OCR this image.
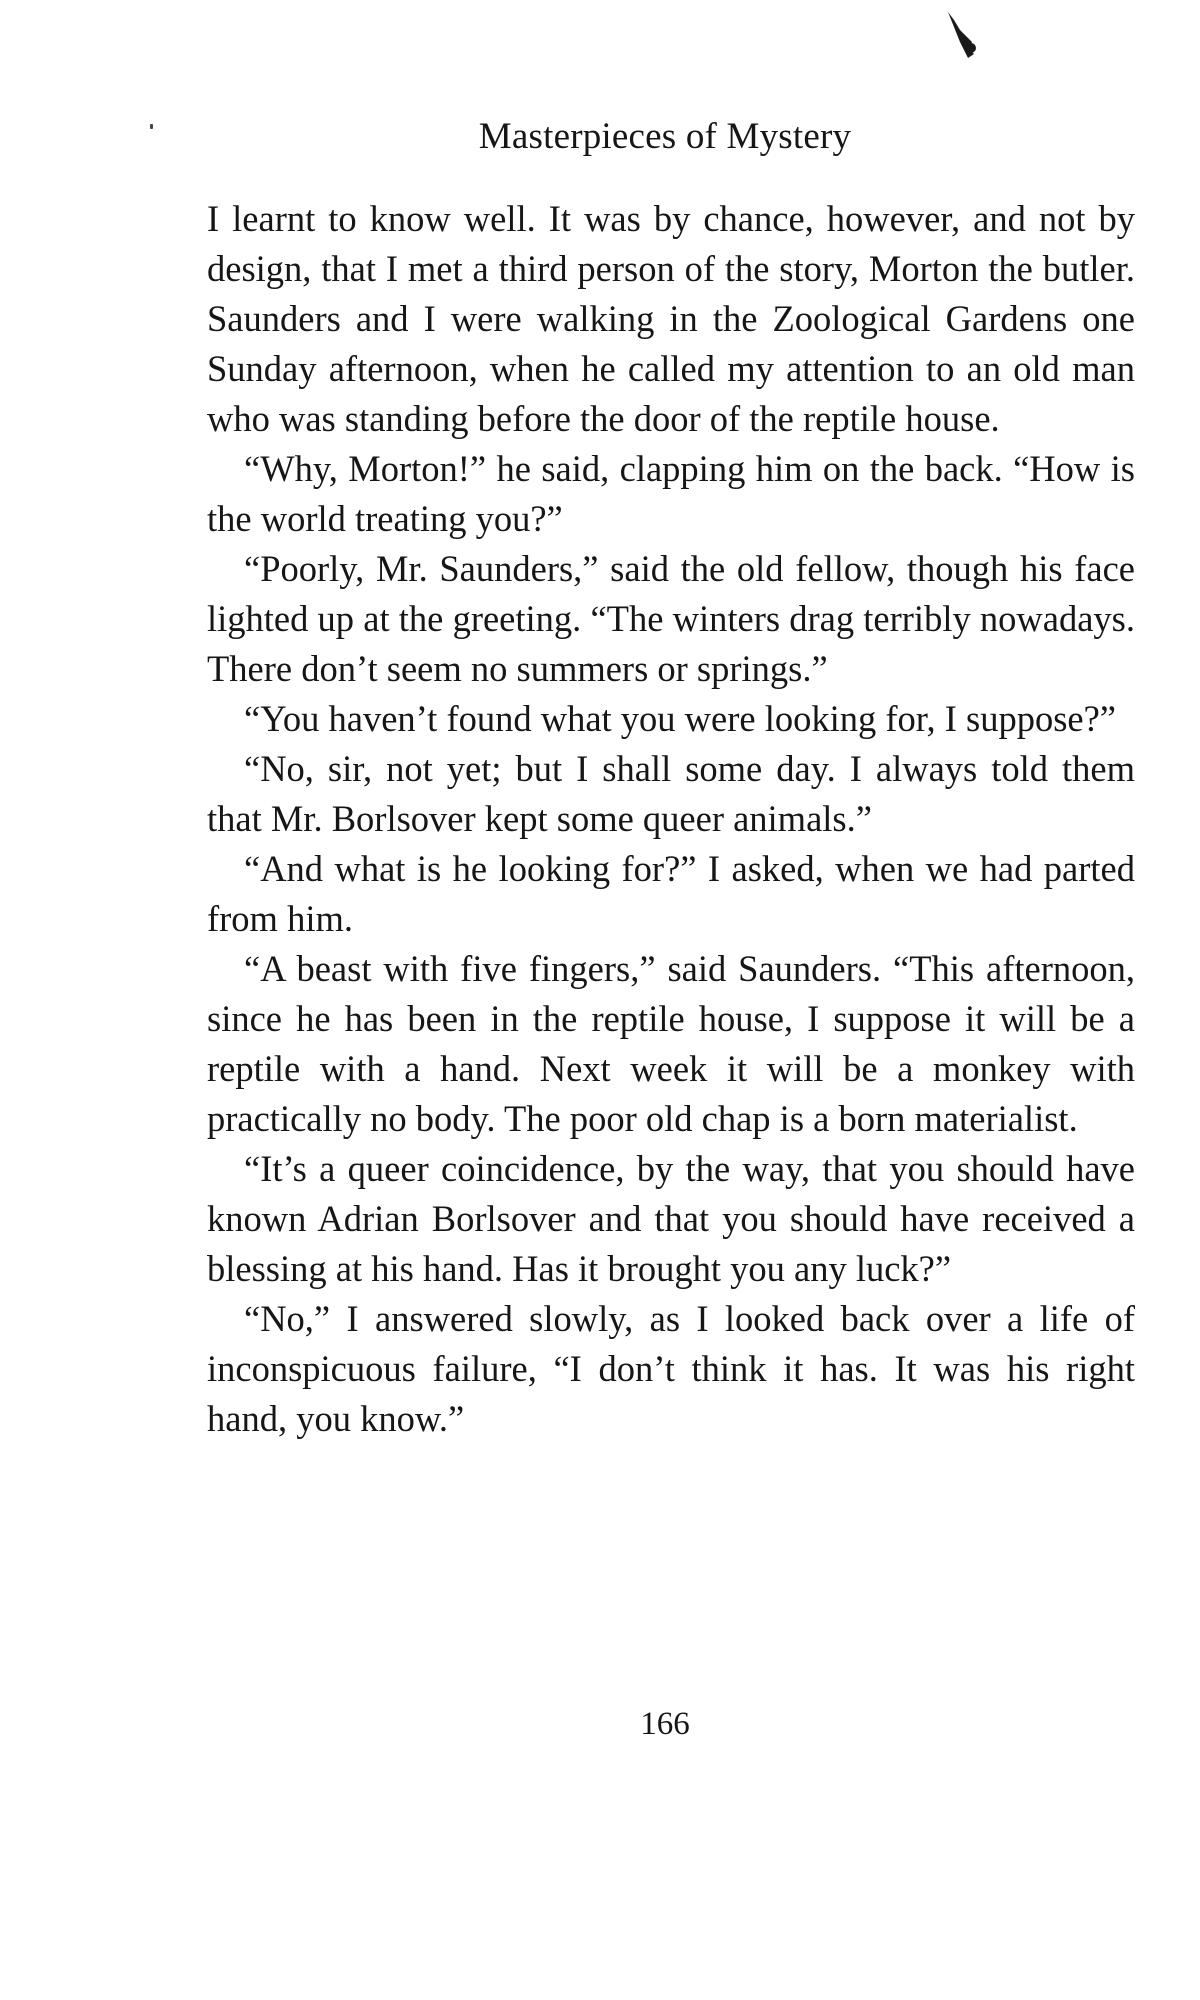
Masterpieces of Mystery

I learnt to know well. It was by chance, however, and not by design, that I met a third person of the story, Morton the butler. Saunders and I were walking in the Zoological Gardens one Sunday afternoon, when he called my attention to an old man who was standing before the door of the reptile house.

“Why, Morton!” he said, clapping him on the back. “How is the world treating you?”

“Poorly, Mr. Saunders,” said the old fellow, though his face lighted up at the greeting. “The winters drag terribly nowadays. There don’t seem no summers or springs.”

“You haven’t found what you were looking for, I suppose?”

“No, sir, not yet; but I shall some day. I always told them that Mr. Borlsover kept some queer animals.”

“And what is he looking for?” I asked, when we had parted from him.

“A beast with five fingers,” said Saunders. “This afternoon, since he has been in the reptile house, I suppose it will be a reptile with a hand. Next week it will be a monkey with practically no body. The poor old chap is a born materialist.

“It’s a queer coincidence, by the way, that you should have known Adrian Borlsover and that you should have received a blessing at his hand. Has it brought you any luck?”

“No,” I answered slowly, as I looked back over a life of inconspicuous failure, “I don’t think it has. It was his right hand, you know.”

166
